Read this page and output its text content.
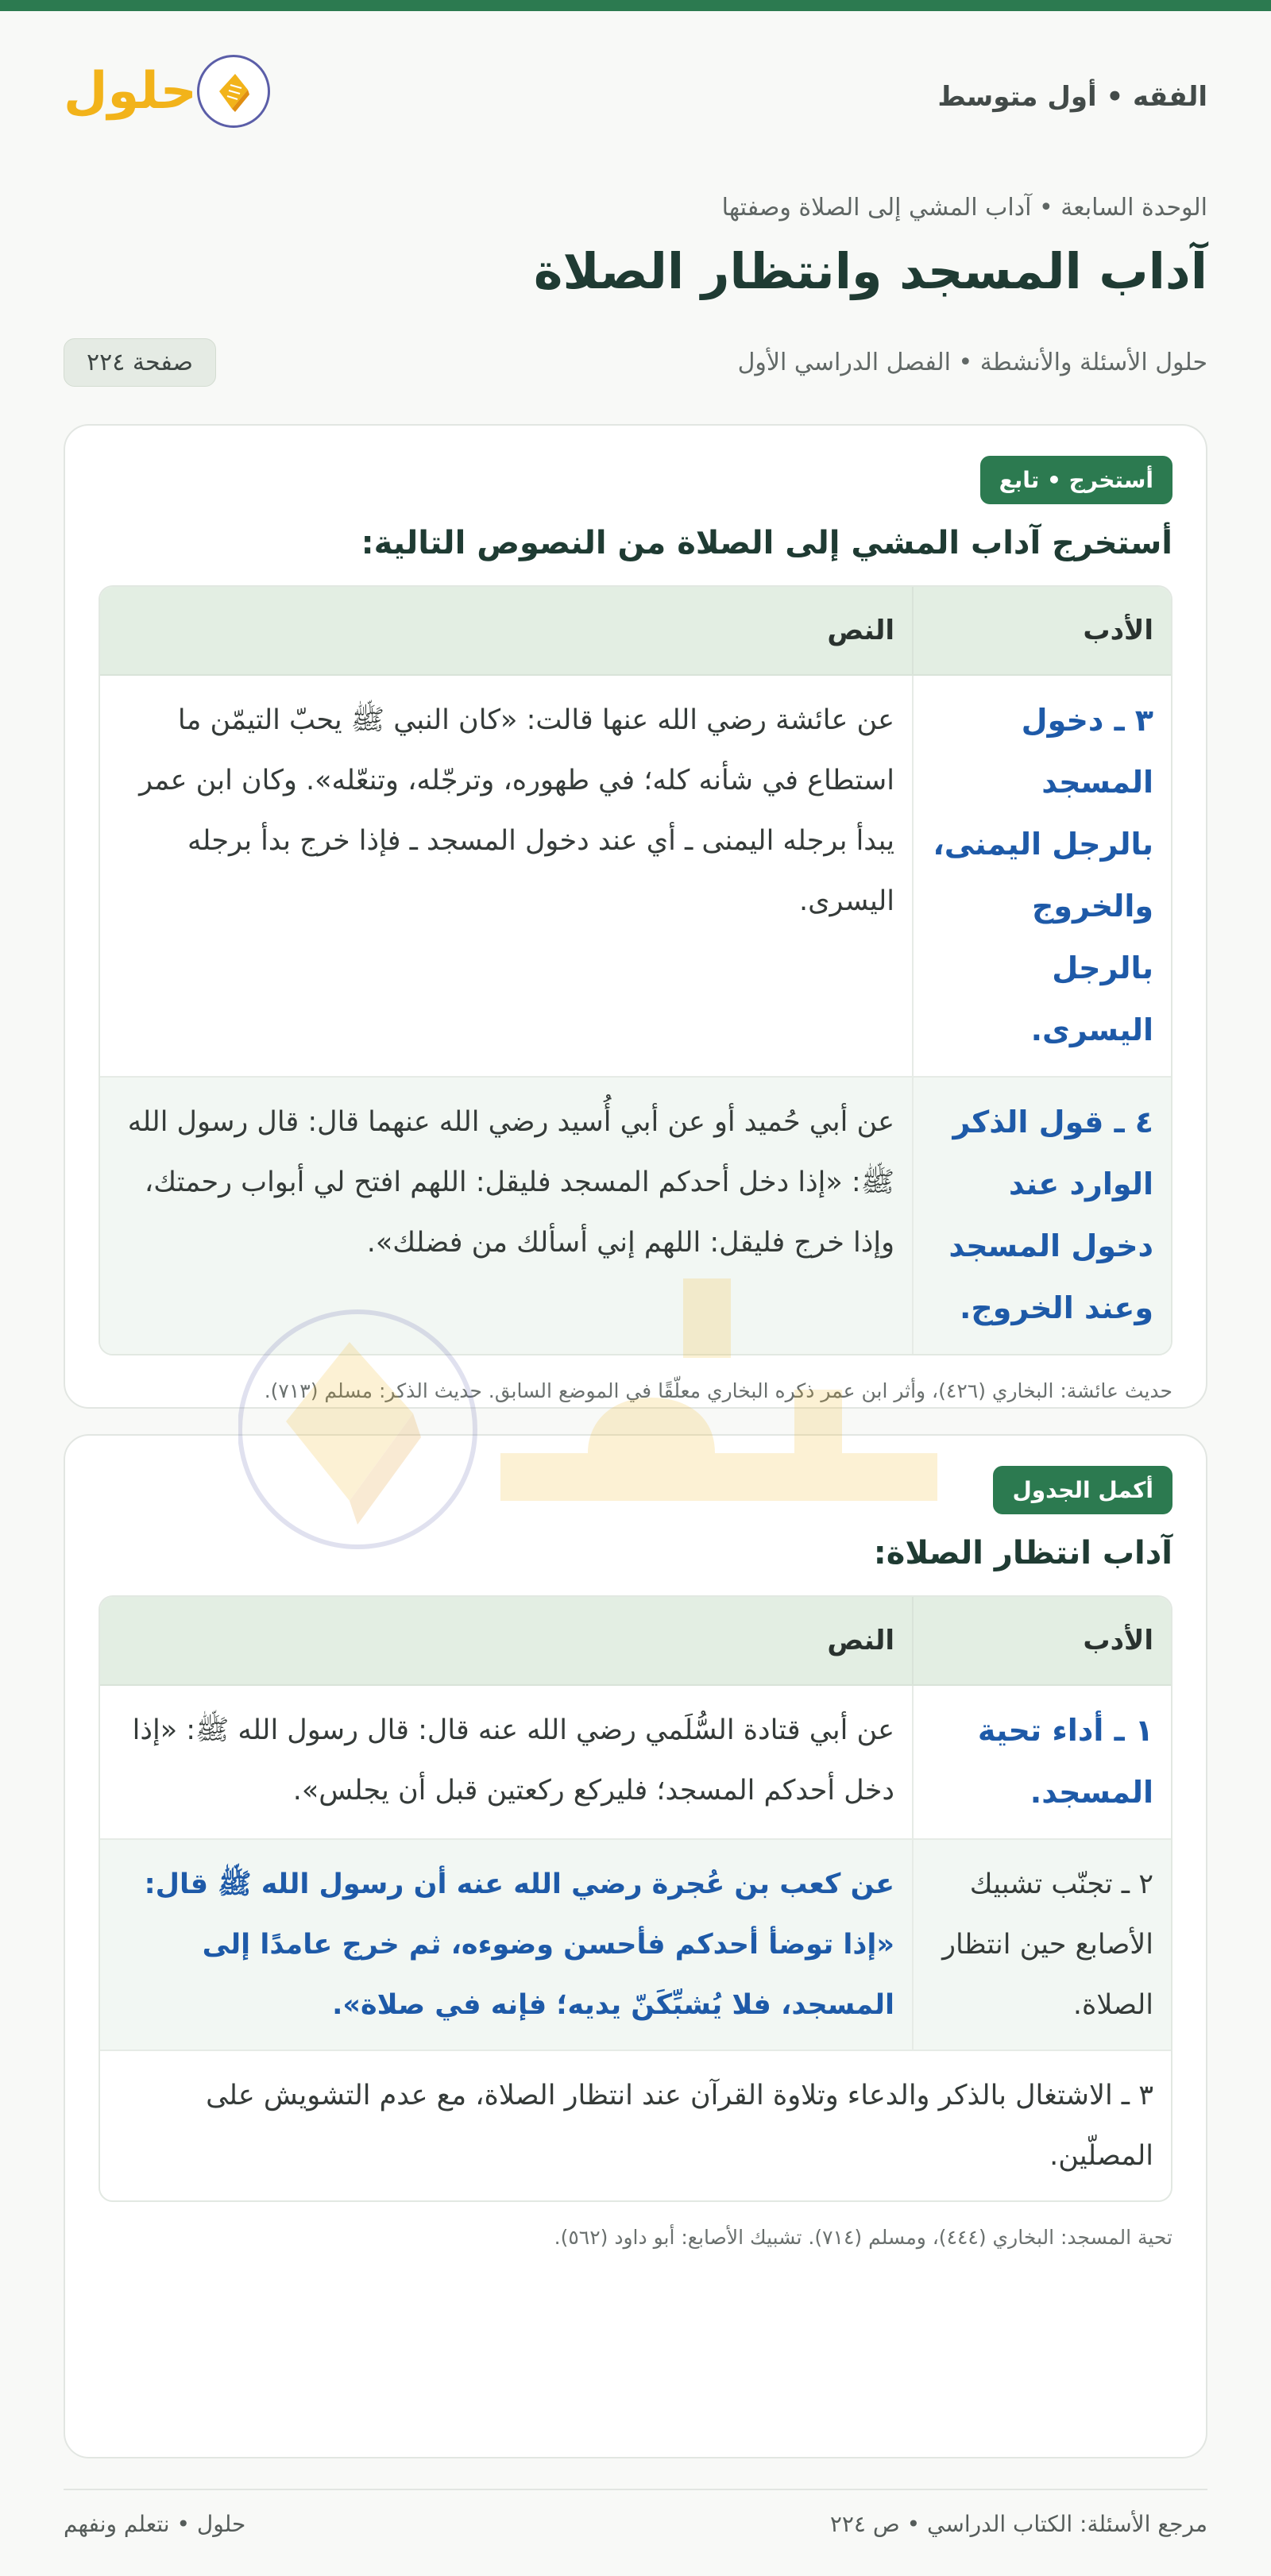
الفقه • أول متوسط
حلول
الوحدة السابعة • آداب المشي إلى الصلاة وصفتها
آداب المسجد وانتظار الصلاة
حلول الأسئلة والأنشطة • الفصل الدراسي الأول
صفحة ٢٢٤
أستخرج • تابع
أستخرج آداب المشي إلى الصلاة من النصوص التالية:
الأدب	النص
٣ ـ دخول المسجد بالرجل اليمنى، والخروج بالرجل اليسرى.	عن عائشة رضي الله عنها قالت: «كان النبي ﷺ يحبّ التيمّن ما استطاع في شأنه كله؛ في طهوره، وترجّله، وتنعّله». وكان ابن عمر يبدأ برجله اليمنى ـ أي عند دخول المسجد ـ فإذا خرج بدأ برجله اليسرى.
٤ ـ قول الذكر الوارد عند دخول المسجد وعند الخروج.	عن أبي حُميد أو عن أبي أُسيد رضي الله عنهما قال: قال رسول الله ﷺ: «إذا دخل أحدكم المسجد فليقل: اللهم افتح لي أبواب رحمتك، وإذا خرج فليقل: اللهم إني أسألك من فضلك».
حديث عائشة: البخاري (٤٢٦)، وأثر ابن عمر ذكره البخاري معلّقًا في الموضع السابق. حديث الذكر: مسلم (٧١٣).
أكمل الجدول
آداب انتظار الصلاة:
الأدب	النص
١ ـ أداء تحية المسجد.	عن أبي قتادة السُّلَمي رضي الله عنه قال: قال رسول الله ﷺ: «إذا دخل أحدكم المسجد؛ فليركع ركعتين قبل أن يجلس».
٢ ـ تجنّب تشبيك الأصابع حين انتظار الصلاة.	عن كعب بن عُجرة رضي الله عنه أن رسول الله ﷺ قال: «إذا توضأ أحدكم فأحسن وضوءه، ثم خرج عامدًا إلى المسجد، فلا يُشبِّكَنّ يديه؛ فإنه في صلاة».
٣ ـ الاشتغال بالذكر والدعاء وتلاوة القرآن عند انتظار الصلاة، مع عدم التشويش على المصلّين.	
تحية المسجد: البخاري (٤٤٤)، ومسلم (٧١٤). تشبيك الأصابع: أبو داود (٥٦٢).
مرجع الأسئلة: الكتاب الدراسي • ص ٢٢٤
حلول • نتعلم ونفهم
